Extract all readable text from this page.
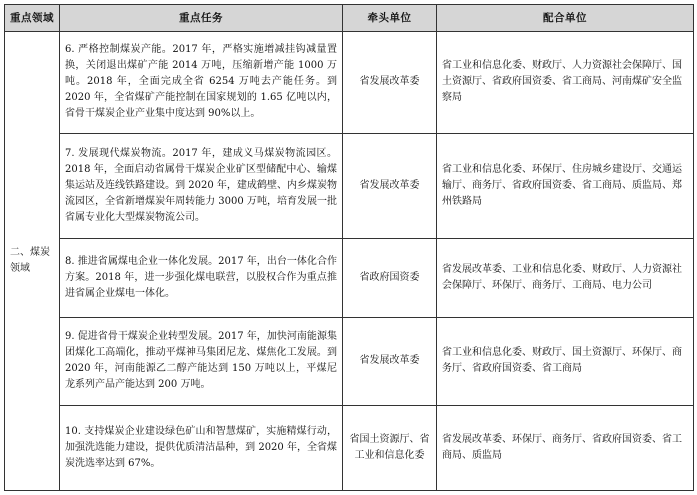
重点领域	重点任务	牵头单位	配合单位
二、煤炭领域	6. 严格控制煤炭产能。2017 年，严格实施增减挂钩减量置换，关闭退出煤矿产能 2014 万吨，压缩新增产能 1000 万吨。2018 年，全面完成全省 6254 万吨去产能任务。到 2020 年，全省煤矿产能控制在国家规划的 1.65 亿吨以内，省骨干煤炭企业产业集中度达到 90%以上。	省发展改革委	省工业和信息化委、财政厅、人力资源社会保障厅、国土资源厅、省政府国资委、省工商局、河南煤矿安全监察局
	7. 发展现代煤炭物流。2017 年，建成义马煤炭物流园区。2018 年，全面启动省属骨干煤炭企业矿区型储配中心、输煤集运站及连线铁路建设。到 2020 年，建成鹤壁、内乡煤炭物流园区，全省新增煤炭年周转能力 3000 万吨，培育发展一批省属专业化大型煤炭物流公司。	省发展改革委	省工业和信息化委、环保厅、住房城乡建设厅、交通运输厅、商务厅、省政府国资委、省工商局、质监局、郑州铁路局
	8. 推进省属煤电企业一体化发展。2017 年，出台一体化合作方案。2018 年，进一步强化煤电联营，以股权合作为重点推进省属企业煤电一体化。	省政府国资委	省发展改革委、工业和信息化委、财政厅、人力资源社会保障厅、环保厅、商务厅、工商局、电力公司
	9. 促进省骨干煤炭企业转型发展。2017 年，加快河南能源集团煤化工高端化，推动平煤神马集团尼龙、煤焦化工发展。到 2020 年，河南能源乙二醇产能达到 150 万吨以上，平煤尼龙系列产品产能达到 200 万吨。	省发展改革委	省工业和信息化委、财政厅、国土资源厅、环保厅、商务厅、省政府国资委、省工商局
	10. 支持煤炭企业建设绿色矿山和智慧煤矿，实施精煤行动，加强洗选能力建设，提供优质清洁晶种，到 2020 年，全省煤炭洗选率达到 67%。	省国土资源厅、省工业和信息化委	省发展改革委、环保厅、商务厅、省政府国资委、省工商局、质监局
